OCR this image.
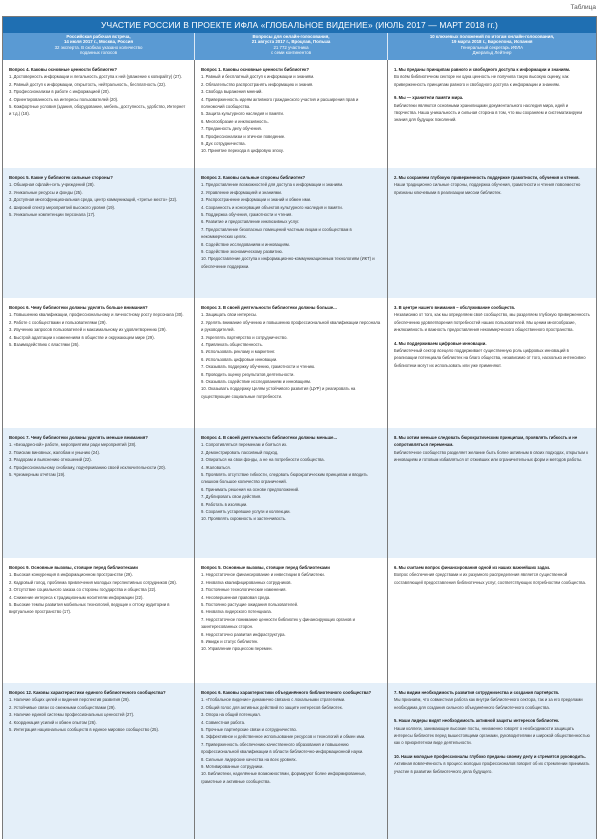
Таблица
УЧАСТИЕ РОССИИ В ПРОЕКТЕ ИФЛА «ГЛОБАЛЬНОЕ ВИДЕНИЕ» (ИЮЛЬ 2017 — МАРТ 2018 гг.)
Российская рабочая встреча,
14 июля 2017 г., Москва, Россия
32 эксперта. В скобках указано количество
поданных голосов
Вопросы для онлайн-голосования,
21 августа 2017 г., Вроцлав, Польша
21 772 участника
с семи континентов
10 ключевых положений по итогам онлайн-голосования,
19 марта 2018 г., Барселона, Испания
Генеральный секретарь ИФЛА
Джеральд Лейтнер
Вопрос 4. Каковы основные ценности библиотек?
1. Достоверность информации и легальность доступа к ней (уважение к копирайту) (27).
2. Равный доступ к информации, открытость, нейтральность, бесплатность (22).
3. Профессионализм в работе с информацией (20).
4. Ориентированность на интересы пользователей (20).
5. Комфортные условия (здания, оборудование, мебель, доступность, удобство, Интернет и т.д.) (18).
Вопрос 1. Каковы основные ценности библиотек?
1. Равный и бесплатный доступ к информации и знаниям.
2. Обязательство распространять информацию и знания.
3. Свобода выражения мнений.
4. Приверженность идеям активного гражданского участия и расширения прав и полномочий сообщества.
5. Защита культурного наследия и памяти.
6. Многообразие и инклюзивность.
7. Преданность делу обучения.
8. Профессионализм и этичное поведение.
9. Дух сотрудничества.
10. Принятие перехода в цифровую эпоху.
1. Мы преданы принципам равного и свободного доступа к информации и знаниям.
Во всём библиотечном секторе ни одна ценность не получила такую высокую оценку, как приверженность принципам равного и свободного доступа к информации и знаниям.
9. Мы — хранители памяти мира.
Библиотеки являются основными хранилищами документального наследия мира, идей и творчества. Наша уникальность и сильная сторона в том, что мы сохраняем и систематизируем знания для будущих поколений.
Вопрос 5. Какие у библиотек сильные стороны?
1. Обширная офлайн-сеть учреждений (28).
2. Уникальные ресурсы и фонды (25).
3. Доступная многофункциональная среда, центр коммуникаций, «третье место» (22).
4. Широкий спектр мероприятий высокого уровня (19).
5. Уникальные компетенции персонала (17).
Вопрос 2. Каковы сильные стороны библиотек?
1. Предоставление возможностей для доступа к информации и знаниям.
2. Управление информацией и знаниями.
3. Распространение информации и знаний и обмен ими.
4. Сохранность и консервация объектов культурного наследия и памяти.
5. Поддержка обучения, грамотности и чтения.
6. Развитие и предоставление инклюзивных услуг.
7. Предоставление безопасных помещений частным лицам и сообществам в некоммерческих целях.
8. Содействие исследованиям и инновациям.
9. Содействие экономическому развитию.
10. Предоставление доступа к информационно-коммуникационным технологиям (ИКТ) и обеспечение поддержки.
2. Мы сохраняем глубокую приверженность поддержке грамотности, обучения и чтения.
Наши традиционно сильные стороны, поддержка обучения, грамотности и чтения повсеместно признаны ключевыми в реализации миссии библиотек.
Вопрос 6. Чему библиотеки должны уделять больше внимания?
1. Повышению квалификации, профессиональному и личностному росту персонала (30).
2. Работе с сообществами и пользователями (29).
3. Изучению запросов пользователей и максимальному их удовлетворению (29).
4. Быстрой адаптации к изменениям в обществе и окружающем мире (29).
5. Взаимодействию с властями (26).
Вопрос 3. В своей деятельности библиотеки должны больше...
1. Защищать свои интересы.
2. Уделять внимание обучению и повышению профессиональной квалификации персонала и руководителей.
3. Укреплять партнёрство и сотрудничество.
4. Привлекать общественность.
5. Использовать рекламу и маркетинг.
6. Использовать цифровые инновации.
7. Оказывать поддержку обучению, грамотности и чтению.
8. Проводить оценку результатов деятельности.
9. Оказывать содействие исследованиям и инновациям.
10. Оказывать поддержку Целям устойчивого развития (ЦУР) и реагировать на существующие социальные потребности.
3. В центре нашего внимания – обслуживание сообществ.
Независимо от того, как мы определяем своё сообщество, мы разделяем глубокую приверженность обеспечению удовлетворения потребностей наших пользователей. Мы ценим многообразие, инклюзивность и важность предоставления некоммерческого общественного пространства.
4. Мы поддерживаем цифровые инновации.
Библиотечный сектор всецело поддерживает существенную роль цифровых инноваций в реализации потенциала библиотек на благо общества, независимо от того, насколько интенсивно библиотеки могут их использовать или уже применяют.
Вопрос 7. Чему библиотеки должны уделять меньше внимания?
1. «Безадресной» работе, мероприятиям ради мероприятий (28).
2. Поискам виновных, жалобам и унынию (24).
3. Раздорам и выяснению отношений (22).
4. Профессиональному снобизму, подчёркиванию своей исключительности (20).
5. Чрезмерным отчётам (19).
Вопрос 4. В своей деятельности библиотеки должны меньше...
1. Сопротивляться переменам и бояться их.
2. Демонстрировать пассивный подход.
3. Опираться на свои фонды, а не на потребности сообщества.
4. Жаловаться.
5. Проявлять отсутствие гибкости, следовать бюрократическим принципам и вводить слишком большое количество ограничений.
6. Принимать решения на основе предположений.
7. Дублировать свои действия.
8. Работать в изоляции.
9. Сохранять устаревшие услуги и коллекции.
10. Проявлять скромность и застенчивость.
8. Мы хотим меньше следовать бюрократическим принципам, проявлять гибкость и не сопротивляться переменам.
Библиотечное сообщество разделяет желание быть более активным в своих подходах, открытым к инновациям и готовым избавляться от отживших или ограничительных форм и методов работы.
Вопрос 9. Основные вызовы, стоящие перед библиотеками
1. Высокая конкуренция в информационном пространстве (29).
2. Кадровый голод, проблема привлечения молодых перспективных сотрудников (26).
3. Отсутствие социального заказа со стороны государства и общества (22).
4. Снижение интереса к традиционным носителям информации (22).
5. Высокие темпы развития мобильных технологий, ведущие к оттоку аудитории в виртуальное пространство (17).
Вопрос 5. Основные вызовы, стоящие перед библиотеками
1. Недостаточное финансирование и инвестиции в библиотеки.
2. Нехватка квалифицированных сотрудников.
3. Постоянные технологические изменения.
4. Несовершенная правовая среда.
5. Постоянно растущие ожидания пользователей.
6. Нехватка лидерского потенциала.
7. Недостаточное понимание ценности библиотек у финансирующих органов и заинтересованных сторон.
8. Недостаточно развитая инфраструктура.
9. Имидж и статус библиотек.
10. Управление процессом перемен.
6. Мы считаем вопрос финансирования одной из наших важнейших задач.
Вопрос обеспечения средствами и их разумного распределения является существенной составляющей предоставления библиотечных услуг, соответствующих потребностям сообщества.
Вопрос 12. Каковы характеристики единого библиотечного сообщества?
1. Наличие общих целей и видения перспектив развития (29).
2. Устойчивые связи со смежными сообществами (29).
3. Наличие единой системы профессиональных ценностей (27).
4. Координация усилий и обмен опытом (26).
5. Интеграция национальных сообществ в единое мировое сообщество (25).
Вопрос 6. Каковы характеристики объединённого библиотечного сообщества?
1. «Глобальное видение» динамично связано с локальными стратегиями.
2. Общий голос для активных действий по защите интересов библиотек.
3. Опора на общий потенциал.
4. Совместная работа.
5. Прочные партнёрские связи и сотрудничество.
6. Эффективное и действенное использование ресурсов и технологий и обмен ими.
7. Приверженность обеспечению качественного образования и повышению профессиональной квалификации в области библиотечно-информационной науки.
8. Сильные лидерские качества на всех уровнях.
9. Мотивированные сотрудники.
10. Библиотеки, наделённые возможностями, формируют более информированные, грамотные и активные сообщества.
7. Мы видим необходимость развития сотрудничества и создания партнёрств.
Мы признаём, что совместная работа как внутри библиотечного сектора, так и за его пределами необходима для создания сильного объединённого библиотечного сообщества.
5. Наши лидеры видят необходимость активной защиты интересов библиотек.
Наши коллеги, занимающие высокие посты, неизменно говорят о необходимости защищать интересы библиотек перед вышестоящими органами, руководителями и широкой общественностью как о приоритетном виде деятельности.
10. Наши молодые профессионалы глубоко преданы своему делу и стремятся руководить.
Активная вовлечённость в процесс молодых профессионалов говорит об их стремлении принимать участие в развитии библиотечного дела будущего.
